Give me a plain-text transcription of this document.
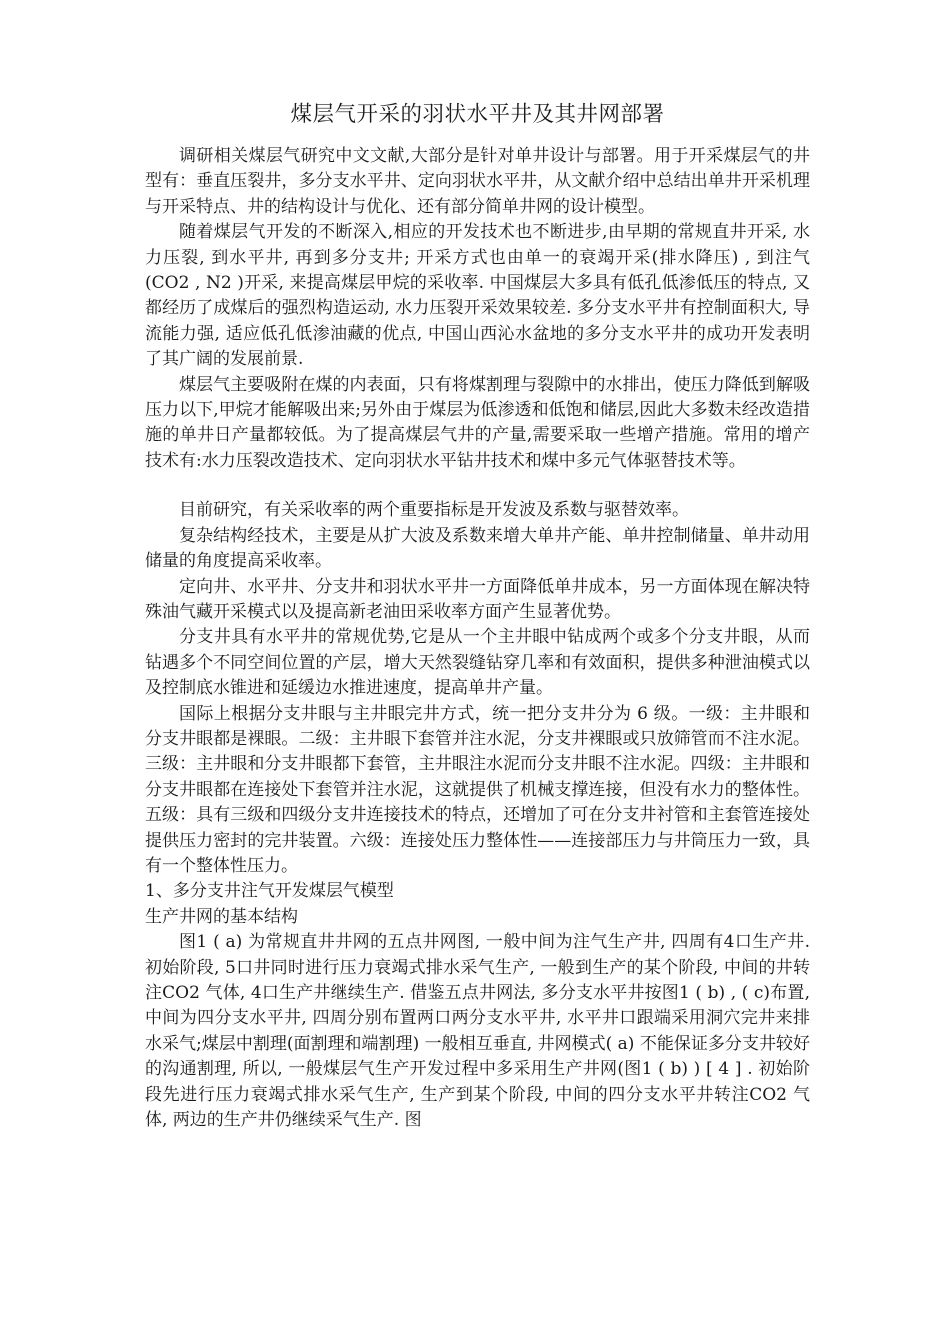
煤层气开采的羽状水平井及其井网部署

调研相关煤层气研究中文文献,大部分是针对单井设计与部署。用于开采煤层气的井型有：垂直压裂井，多分支水平井、定向羽状水平井，从文献介绍中总结出单井开采机理与开采特点、井的结构设计与优化、还有部分简单井网的设计模型。

随着煤层气开发的不断深入,相应的开发技术也不断进步,由早期的常规直井开采, 水力压裂, 到水平井, 再到多分支井; 开采方式也由单一的衰竭开采(排水降压) , 到注气(CO2 , N2 )开采, 来提高煤层甲烷的采收率. 中国煤层大多具有低孔低渗低压的特点, 又都经历了成煤后的强烈构造运动, 水力压裂开采效果较差. 多分支水平井有控制面积大, 导流能力强, 适应低孔低渗油藏的优点, 中国山西沁水盆地的多分支水平井的成功开发表明了其广阔的发展前景.

煤层气主要吸附在煤的内表面，只有将煤割理与裂隙中的水排出，使压力降低到解吸压力以下,甲烷才能解吸出来;另外由于煤层为低渗透和低饱和储层,因此大多数未经改造措施的单井日产量都较低。为了提高煤层气井的产量,需要采取一些增产措施。常用的增产技术有:水力压裂改造技术、定向羽状水平钻井技术和煤中多元气体驱替技术等。

目前研究，有关采收率的两个重要指标是开发波及系数与驱替效率。

复杂结构经技术，主要是从扩大波及系数来增大单井产能、单井控制储量、单井动用储量的角度提高采收率。

定向井、水平井、分支井和羽状水平井一方面降低单井成本，另一方面体现在解决特殊油气藏开采模式以及提高新老油田采收率方面产生显著优势。

分支井具有水平井的常规优势,它是从一个主井眼中钻成两个或多个分支井眼，从而钻遇多个不同空间位置的产层，增大天然裂缝钻穿几率和有效面积，提供多种泄油模式以及控制底水锥进和延缓边水推进速度，提高单井产量。

国际上根据分支井眼与主井眼完井方式，统一把分支井分为 6 级。一级：主井眼和分支井眼都是裸眼。二级：主井眼下套管并注水泥，分支井裸眼或只放筛管而不注水泥。三级：主井眼和分支井眼都下套管，主井眼注水泥而分支井眼不注水泥。四级：主井眼和分支井眼都在连接处下套管并注水泥，这就提供了机械支撑连接，但没有水力的整体性。五级：具有三级和四级分支井连接技术的特点，还增加了可在分支井衬管和主套管连接处提供压力密封的完井装置。六级：连接处压力整体性——连接部压力与井筒压力一致，具有一个整体性压力。

1、多分支井注气开发煤层气模型

生产井网的基本结构

图1 ( a) 为常规直井井网的五点井网图, 一般中间为注气生产井, 四周有4口生产井. 初始阶段, 5口井同时进行压力衰竭式排水采气生产, 一般到生产的某个阶段, 中间的井转注CO2 气体, 4口生产井继续生产. 借鉴五点井网法, 多分支水平井按图1 ( b) , ( c)布置, 中间为四分支水平井, 四周分别布置两口两分支水平井, 水平井口跟端采用洞穴完井来排水采气;煤层中割理(面割理和端割理) 一般相互垂直, 井网模式( a) 不能保证多分支井较好的沟通割理, 所以, 一般煤层气生产开发过程中多采用生产井网(图1 ( b) ) [ 4 ] . 初始阶段先进行压力衰竭式排水采气生产, 生产到某个阶段, 中间的四分支水平井转注CO2 气体, 两边的生产井仍继续采气生产. 图
